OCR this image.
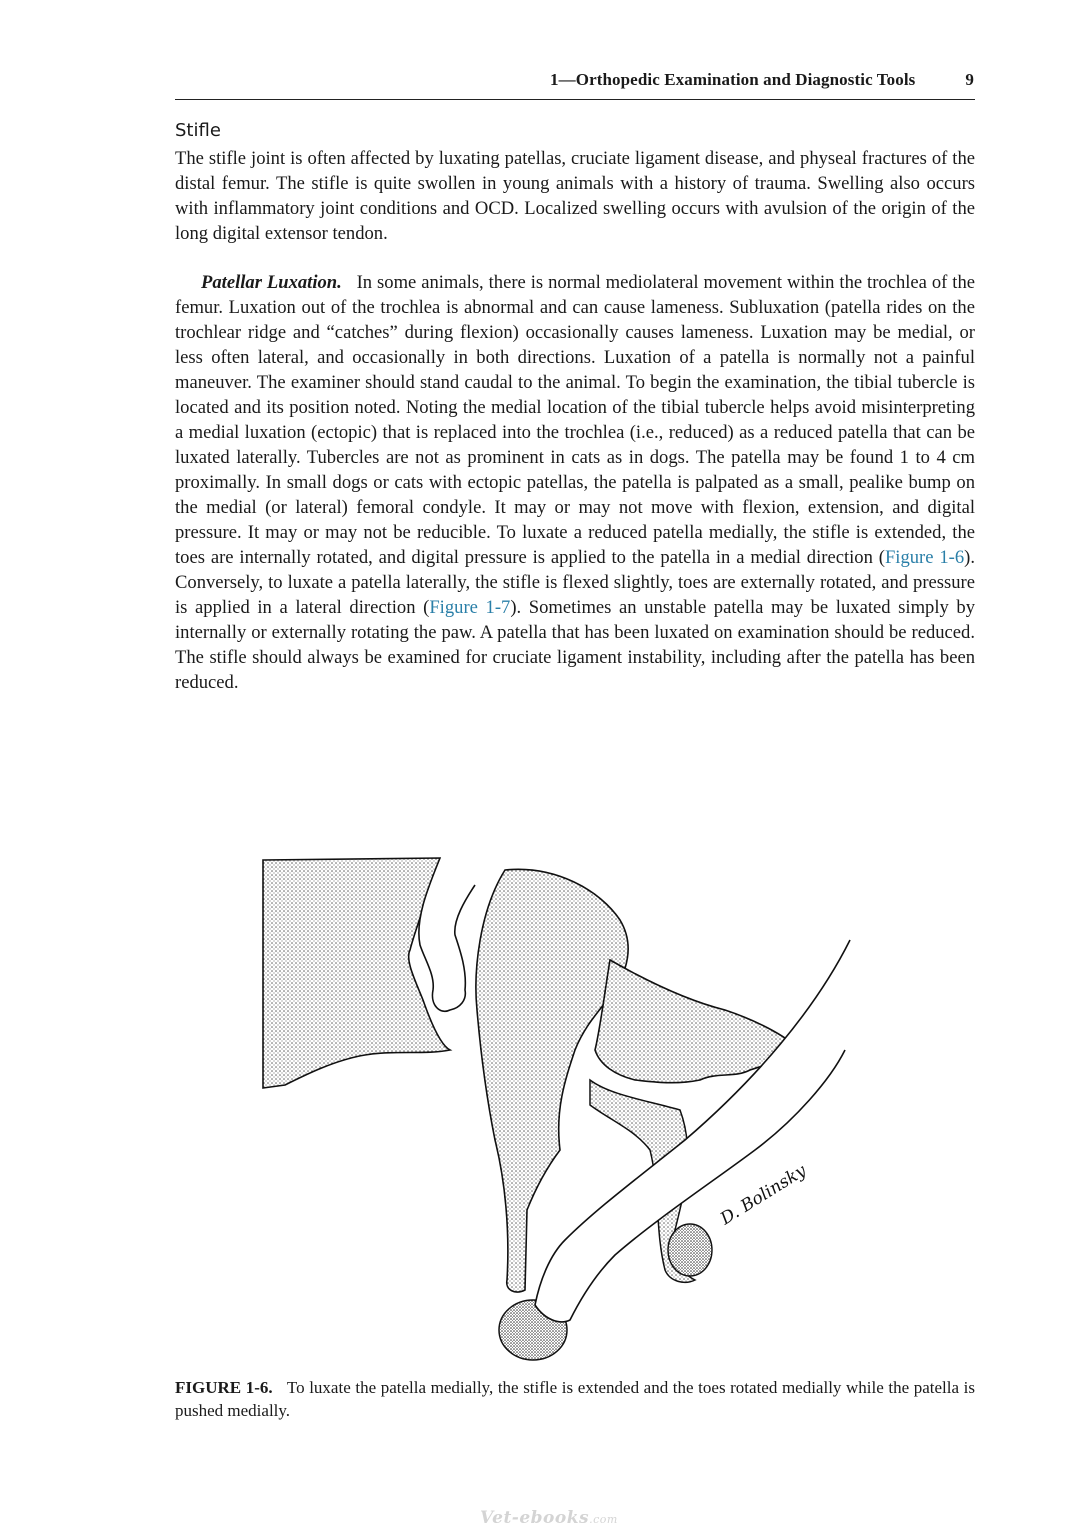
1—Orthopedic Examination and Diagnostic Tools	9
Stifle

The stifle joint is often affected by luxating patellas, cruciate ligament disease, and physeal fractures of the distal femur. The stifle is quite swollen in young animals with a history of trauma. Swelling also occurs with inflammatory joint conditions and OCD. Localized swelling occurs with avulsion of the origin of the long digital extensor tendon.

Patellar Luxation. In some animals, there is normal mediolateral movement within the trochlea of the femur. Luxation out of the trochlea is abnormal and can cause lameness. Subluxation (patella rides on the trochlear ridge and “catches” during flexion) occasionally causes lameness. Luxation may be medial, or less often lateral, and occasionally in both directions. Luxation of a patella is normally not a painful maneuver. The examiner should stand caudal to the animal. To begin the examination, the tibial tubercle is located and its position noted. Noting the medial location of the tibial tubercle helps avoid misinterpreting a medial luxation (ectopic) that is replaced into the trochlea (i.e., reduced) as a reduced patella that can be luxated laterally. Tubercles are not as prominent in cats as in dogs. The patella may be found 1 to 4 cm proximally. In small dogs or cats with ectopic patellas, the patella is palpated as a small, pealike bump on the medial (or lateral) femoral condyle. It may or may not move with flexion, extension, and digital pressure. It may or may not be reducible. To luxate a reduced patella medially, the stifle is extended, the toes are internally rotated, and digital pressure is applied to the patella in a medial direction (Figure 1-6). Conversely, to luxate a patella laterally, the stifle is flexed slightly, toes are externally rotated, and pressure is applied in a lateral direction (Figure 1-7). Sometimes an unstable patella may be luxated simply by internally or externally rotating the paw. A patella that has been luxated on examination should be reduced. The stifle should always be examined for cruciate ligament instability, including after the patella has been reduced.

D. Bolinsky

FIGURE 1-6. To luxate the patella medially, the stifle is extended and the toes rotated medially while the patella is pushed medially.

Vet-ebooks.com
